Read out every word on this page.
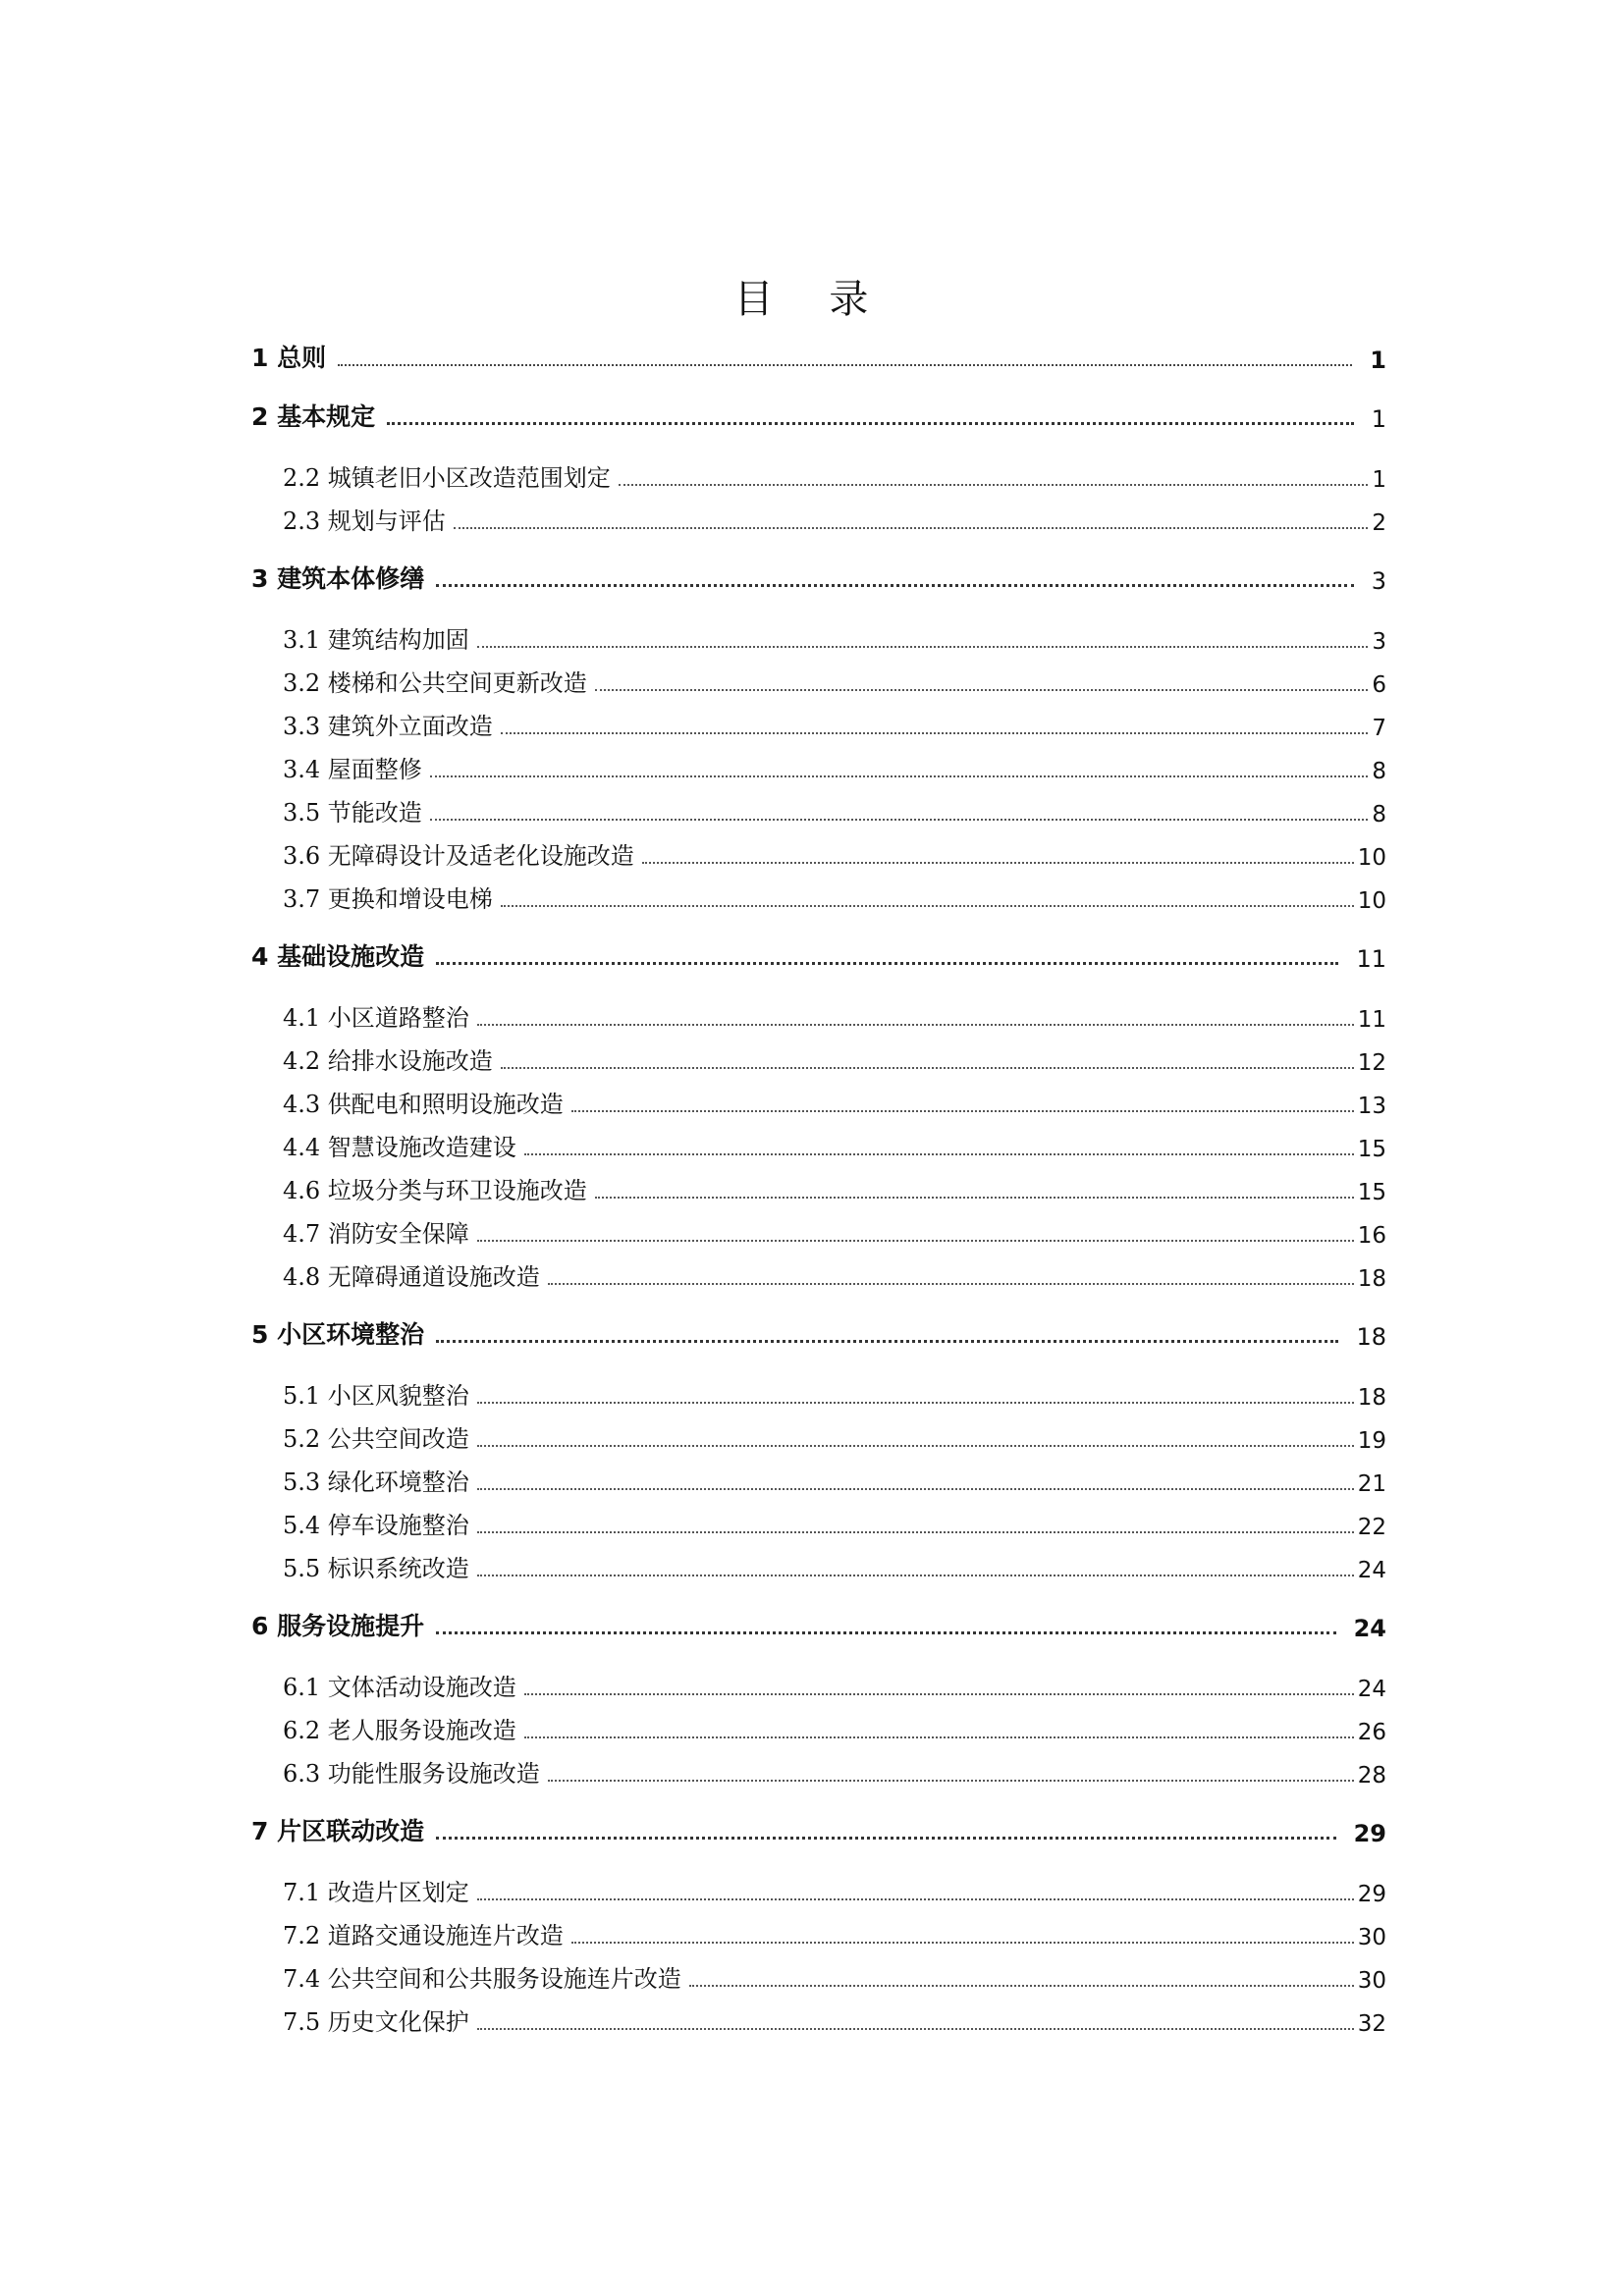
目 录
1 总则	1
2 基本规定	1
2.2 城镇老旧小区改造范围划定	1
2.3 规划与评估	2
3 建筑本体修缮	3
3.1 建筑结构加固	3
3.2 楼梯和公共空间更新改造	6
3.3 建筑外立面改造	7
3.4 屋面整修	8
3.5 节能改造	8
3.6 无障碍设计及适老化设施改造	10
3.7 更换和增设电梯	10
4 基础设施改造	11
4.1 小区道路整治	11
4.2 给排水设施改造	12
4.3 供配电和照明设施改造	13
4.4 智慧设施改造建设	15
4.6 垃圾分类与环卫设施改造	15
4.7 消防安全保障	16
4.8 无障碍通道设施改造	18
5 小区环境整治	18
5.1 小区风貌整治	18
5.2 公共空间改造	19
5.3 绿化环境整治	21
5.4 停车设施整治	22
5.5 标识系统改造	24
6 服务设施提升	24
6.1 文体活动设施改造	24
6.2 老人服务设施改造	26
6.3 功能性服务设施改造	28
7 片区联动改造	29
7.1 改造片区划定	29
7.2 道路交通设施连片改造	30
7.4 公共空间和公共服务设施连片改造	30
7.5 历史文化保护	32
